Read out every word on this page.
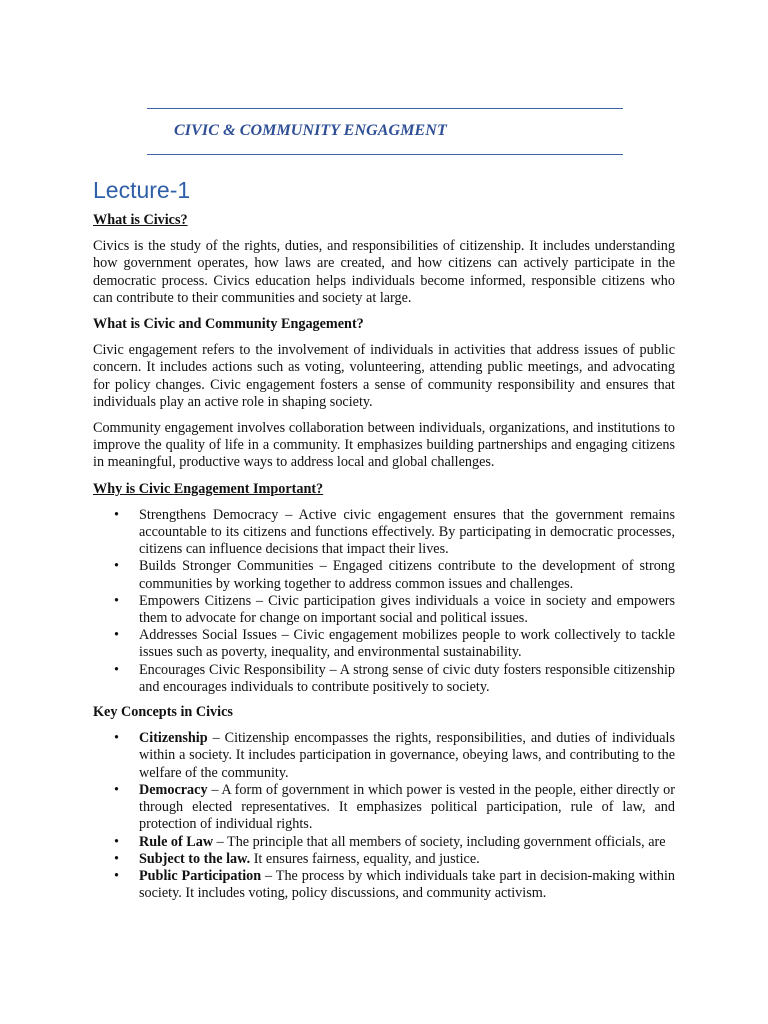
CIVIC & COMMUNITY ENGAGMENT
Lecture-1
What is Civics?

Civics is the study of the rights, duties, and responsibilities of citizenship. It includes understanding how government operates, how laws are created, and how citizens can actively participate in the democratic process. Civics education helps individuals become informed, responsible citizens who can contribute to their communities and society at large.

What is Civic and Community Engagement?

Civic engagement refers to the involvement of individuals in activities that address issues of public concern. It includes actions such as voting, volunteering, attending public meetings, and advocating for policy changes. Civic engagement fosters a sense of community responsibility and ensures that individuals play an active role in shaping society.

Community engagement involves collaboration between individuals, organizations, and institutions to improve the quality of life in a community. It emphasizes building partnerships and engaging citizens in meaningful, productive ways to address local and global challenges.

Why is Civic Engagement Important?
• Strengthens Democracy – Active civic engagement ensures that the government remains accountable to its citizens and functions effectively. By participating in democratic processes, citizens can influence decisions that impact their lives.
• Builds Stronger Communities – Engaged citizens contribute to the development of strong communities by working together to address common issues and challenges.
• Empowers Citizens – Civic participation gives individuals a voice in society and empowers them to advocate for change on important social and political issues.
• Addresses Social Issues – Civic engagement mobilizes people to work collectively to tackle issues such as poverty, inequality, and environmental sustainability.
• Encourages Civic Responsibility – A strong sense of civic duty fosters responsible citizenship and encourages individuals to contribute positively to society.
Key Concepts in Civics
• Citizenship – Citizenship encompasses the rights, responsibilities, and duties of individuals within a society. It includes participation in governance, obeying laws, and contributing to the welfare of the community.
• Democracy – A form of government in which power is vested in the people, either directly or through elected representatives. It emphasizes political participation, rule of law, and protection of individual rights.
• Rule of Law – The principle that all members of society, including government officials, are
• Subject to the law. It ensures fairness, equality, and justice.
• Public Participation – The process by which individuals take part in decision-making within society. It includes voting, policy discussions, and community activism.
